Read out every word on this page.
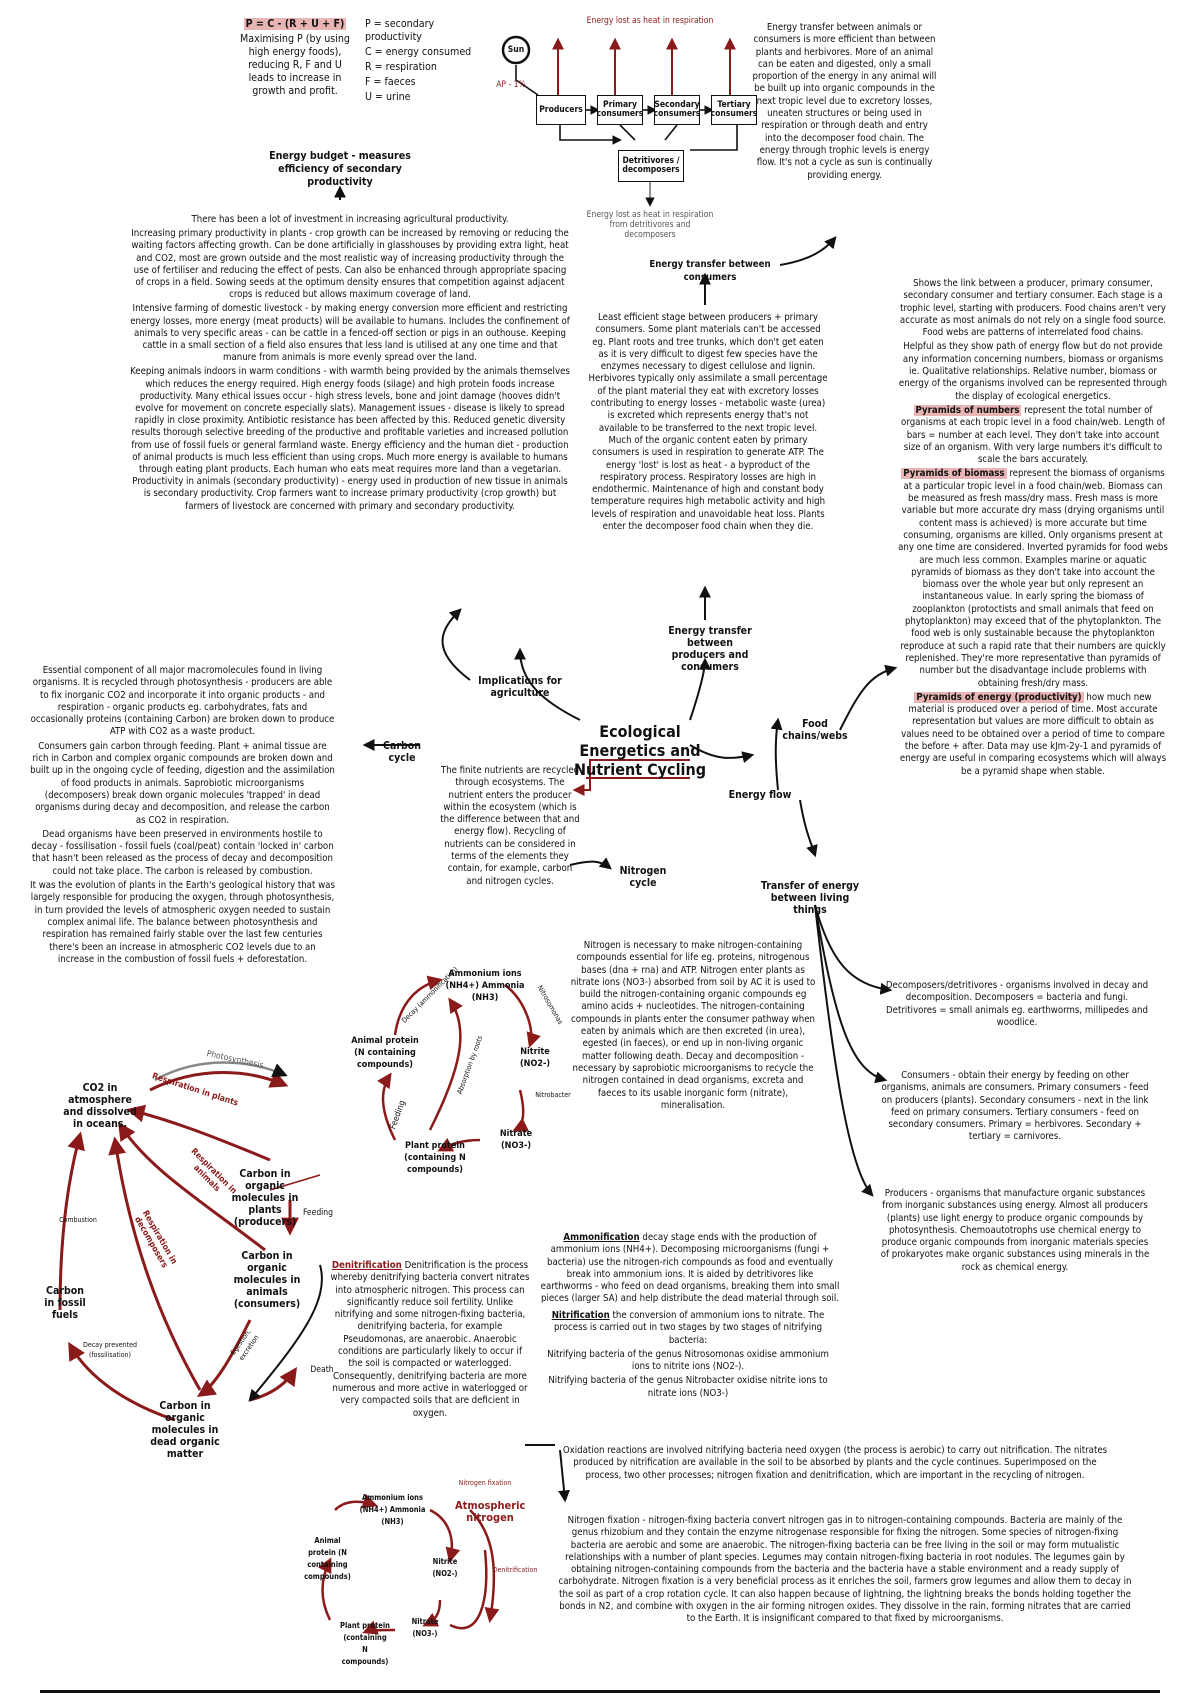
P = C - (R + U + F)

Maximising P (by using high energy foods), reducing R, F and U leads to increase in growth and profit.

P = secondary productivity

C = energy consumed

R = respiration

F = faeces

U = urine

Energy budget - measures efficiency of secondary productivity

There has been a lot of investment in increasing agricultural productivity.

Increasing primary productivity in plants - crop growth can be increased by removing or reducing the waiting factors affecting growth. Can be done artificially in glasshouses by providing extra light, heat and CO2, most are grown outside and the most realistic way of increasing productivity through the use of fertiliser and reducing the effect of pests. Can also be enhanced through appropriate spacing of crops in a field. Sowing seeds at the optimum density ensures that competition against adjacent crops is reduced but allows maximum coverage of land.

Intensive farming of domestic livestock - by making energy conversion more efficient and restricting energy losses, more energy (meat products) will be available to humans. Includes the confinement of animals to very specific areas - can be cattle in a fenced-off section or pigs in an outhouse. Keeping cattle in a small section of a field also ensures that less land is utilised at any one time and that manure from animals is more evenly spread over the land.

Keeping animals indoors in warm conditions - with warmth being provided by the animals themselves which reduces the energy required. High energy foods (silage) and high protein foods increase productivity. Many ethical issues occur - high stress levels, bone and joint damage (hooves didn't evolve for movement on concrete especially slats). Management issues - disease is likely to spread rapidly in close proximity. Antibiotic resistance has been affected by this. Reduced genetic diversity results thorough selective breeding of the productive and profitable varieties and increased pollution from use of fossil fuels or general farmland waste. Energy efficiency and the human diet - production of animal products is much less efficient than using crops. Much more energy is available to humans through eating plant products. Each human who eats meat requires more land than a vegetarian. Productivity in animals (secondary productivity) - energy used in production of new tissue in animals is secondary productivity. Crop farmers want to increase primary productivity (crop growth) but farmers of livestock are concerned with primary and secondary productivity.

Sun
AP - 1%
Energy lost as heat in respiration
Producers	Primary consumers
Secondary consumers
Tertiary consumers
Detritivores / decomposers
Energy lost as heat in respiration from detritivores and decomposers
Energy transfer between animals or consumers is more efficient than between plants and herbivores. More of an animal can be eaten and digested, only a small proportion of the energy in any animal will be built up into organic compounds in the next tropic level due to excretory losses, uneaten structures or being used in respiration or through death and entry into the decomposer food chain. The energy through trophic levels is energy flow. It's not a cycle as sun is continually providing energy.
Energy transfer between consumers
Least efficient stage between producers + primary consumers. Some plant materials can't be accessed eg. Plant roots and tree trunks, which don't get eaten as it is very difficult to digest few species have the enzymes necessary to digest cellulose and lignin. Herbivores typically only assimilate a small percentage of the plant material they eat with excretory losses contributing to energy losses - metabolic waste (urea) is excreted which represents energy that's not available to be transferred to the next tropic level. Much of the organic content eaten by primary consumers is used in respiration to generate ATP. The energy 'lost' is lost as heat - a byproduct of the respiratory process. Respiratory losses are high in endothermic. Maintenance of high and constant body temperature requires high metabolic activity and high levels of respiration and unavoidable heat loss. Plants enter the decomposer food chain when they die.

Shows the link between a producer, primary consumer, secondary consumer and tertiary consumer. Each stage is a trophic level, starting with producers. Food chains aren't very accurate as most animals do not rely on a single food source. Food webs are patterns of interrelated food chains.

Helpful as they show path of energy flow but do not provide any information concerning numbers, biomass or organisms ie. Qualitative relationships. Relative number, biomass or energy of the organisms involved can be represented through the display of ecological energetics.

Pyramids of numbers represent the total number of organisms at each tropic level in a food chain/web. Length of bars = number at each level. They don't take into account size of an organism. With very large numbers it's difficult to scale the bars accurately.

Pyramids of biomass represent the biomass of organisms at a particular tropic level in a food chain/web. Biomass can be measured as fresh mass/dry mass. Fresh mass is more variable but more accurate dry mass (drying organisms until content mass is achieved) is more accurate but time consuming, organisms are killed. Only organisms present at any one time are considered. Inverted pyramids for food webs are much less common. Examples marine or aquatic pyramids of biomass as they don't take into account the biomass over the whole year but only represent an instantaneous value. In early spring the biomass of zooplankton (protoctists and small animals that feed on phytoplankton) may exceed that of the phytoplankton. The food web is only sustainable because the phytoplankton reproduce at such a rapid rate that their numbers are quickly replenished. They're more representative than pyramids of number but the disadvantage include problems with obtaining fresh/dry mass.

Pyramids of energy (productivity) how much new material is produced over a period of time. Most accurate representation but values are more difficult to obtain as values need to be obtained over a period of time to compare the before + after. Data may use kJm-2y-1 and pyramids of energy are useful in comparing ecosystems which will always be a pyramid shape when stable.

Ecological Energetics and
Nutrient Cycling
Implications for agriculture
Energy transfer between producers and consumers
Food chains/webs
Energy flow
Carbon cycle
Nitrogen cycle	Transfer of energy between living things
The finite nutrients are recycled through ecosystems. The nutrient enters the producer within the ecosystem (which is the difference between that and energy flow). Recycling of nutrients can be considered in terms of the elements they contain, for example, carbon and nitrogen cycles.
Decomposers/detritivores - organisms involved in decay and decomposition. Decomposers = bacteria and fungi. Detritivores = small animals eg. earthworms, millipedes and woodlice.
Consumers - obtain their energy by feeding on other organisms, animals are consumers. Primary consumers - feed on producers (plants). Secondary consumers - next in the link feed on primary consumers. Tertiary consumers - feed on secondary consumers. Primary = herbivores. Secondary + tertiary = carnivores.
Producers - organisms that manufacture organic substances from inorganic substances using energy. Almost all producers (plants) use light energy to produce organic compounds by photosynthesis. Chemoautotrophs use chemical energy to produce organic compounds from inorganic materials species of prokaryotes make organic substances using minerals in the rock as chemical energy.

Essential component of all major macromolecules found in living organisms. It is recycled through photosynthesis - producers are able to fix inorganic CO2 and incorporate it into organic products - and respiration - organic products eg. carbohydrates, fats and occasionally proteins (containing Carbon) are broken down to produce ATP with CO2 as a waste product.

Consumers gain carbon through feeding. Plant + animal tissue are rich in Carbon and complex organic compounds are broken down and built up in the ongoing cycle of feeding, digestion and the assimilation of food products in animals. Saprobiotic microorganisms (decomposers) break down organic molecules 'trapped' in dead organisms during decay and decomposition, and release the carbon as CO2 in respiration.

Dead organisms have been preserved in environments hostile to decay - fossilisation - fossil fuels (coal/peat) contain 'locked in' carbon that hasn't been released as the process of decay and decomposition could not take place. The carbon is released by combustion.

It was the evolution of plants in the Earth's geological history that was largely responsible for producing the oxygen, through photosynthesis, in turn provided the levels of atmospheric oxygen needed to sustain complex animal life. The balance between photosynthesis and respiration has remained fairly stable over the last few centuries there's been an increase in atmospheric CO2 levels due to an increase in the combustion of fossil fuels + deforestation.

CO2 in atmosphere and dissolved in oceans.
Carbon in organic molecules in plants (producers)
Carbon in organic molecules in animals (consumers)
Carbon in organic molecules in dead organic matter
Carbon in fossil fuels
Photosynthesis
Respiration in plants
Respiration in animals
Respiration in decomposers
Feeding
Death
Combustion
Decay prevented (fossilisation)	Egestion, excretion
Ammonium ions (NH4+) Ammonia (NH3)
Nitrite (NO2-)
Nitrate (NO3-)
Plant protein (containing N compounds)
Animal protein (N containing compounds)
Feeding
Decay (ammonification)	Nitrosomonas
Nitrobacter
Absorption by roots
Nitrogen is necessary to make nitrogen-containing compounds essential for life eg. proteins, nitrogenous bases (dna + rna) and ATP. Nitrogen enter plants as nitrate ions (NO3-) absorbed from soil by AC it is used to build the nitrogen-containing organic compounds eg amino acids + nucleotides. The nitrogen-containing compounds in plants enter the consumer pathway when eaten by animals which are then excreted (in urea), egested (in faeces), or end up in non-living organic matter following death. Decay and decomposition - necessary by saprobiotic microorganisms to recycle the nitrogen contained in dead organisms, excreta and faeces to its usable inorganic form (nitrate), mineralisation.

Ammonification decay stage ends with the production of ammonium ions (NH4+). Decomposing microorganisms (fungi + bacteria) use the nitrogen-rich compounds as food and eventually break into ammonium ions. It is aided by detritivores like earthworms - who feed on dead organisms, breaking them into small pieces (larger SA) and help distribute the dead material through soil.

Nitrification the conversion of ammonium ions to nitrate. The process is carried out in two stages by two stages of nitrifying bacteria:

Nitrifying bacteria of the genus Nitrosomonas oxidise ammonium ions to nitrite ions (NO2-).

Nitrifying bacteria of the genus Nitrobacter oxidise nitrite ions to nitrate ions (NO3-)

Denitrification Denitrification is the process whereby denitrifying bacteria convert nitrates into atmospheric nitrogen. This process can significantly reduce soil fertility. Unlike nitrifying and some nitrogen-fixing bacteria, denitrifying bacteria, for example Pseudomonas, are anaerobic. Anaerobic conditions are particularly likely to occur if the soil is compacted or waterlogged. Consequently, denitrifying bacteria are more numerous and more active in waterlogged or very compacted soils that are deficient in oxygen.

Oxidation reactions are involved nitrifying bacteria need oxygen (the process is aerobic) to carry out nitrification. The nitrates produced by nitrification are available in the soil to be absorbed by plants and the cycle continues. Superimposed on the process, two other processes; nitrogen fixation and denitrification, which are important in the recycling of nitrogen.
Nitrogen fixation - nitrogen-fixing bacteria convert nitrogen gas in to nitrogen-containing compounds. Bacteria are mainly of the genus rhizobium and they contain the enzyme nitrogenase responsible for fixing the nitrogen. Some species of nitrogen-fixing bacteria are aerobic and some are anaerobic. The nitrogen-fixing bacteria can be free living in the soil or may form mutualistic relationships with a number of plant species. Legumes may contain nitrogen-fixing bacteria in root nodules. The legumes gain by obtaining nitrogen-containing compounds from the bacteria and the bacteria have a stable environment and a ready supply of carbohydrate. Nitrogen fixation is a very beneficial process as it enriches the soil, farmers grow legumes and allow them to decay in the soil as part of a crop rotation cycle. It can also happen because of lightning, the lightning breaks the bonds holding together the bonds in N2, and combine with oxygen in the air forming nitrogen oxides. They dissolve in the rain, forming nitrates that are carried to the Earth. It is insignificant compared to that fixed by microorganisms.
Ammonium ions (NH4+) Ammonia (NH3)
Atmospheric nitrogen
Nitrite (NO2-)
Nitrate (NO3-)
Plant protein (containing N compounds)
Animal protein (N containing compounds)
Nitrogen fixation
Denitrification
